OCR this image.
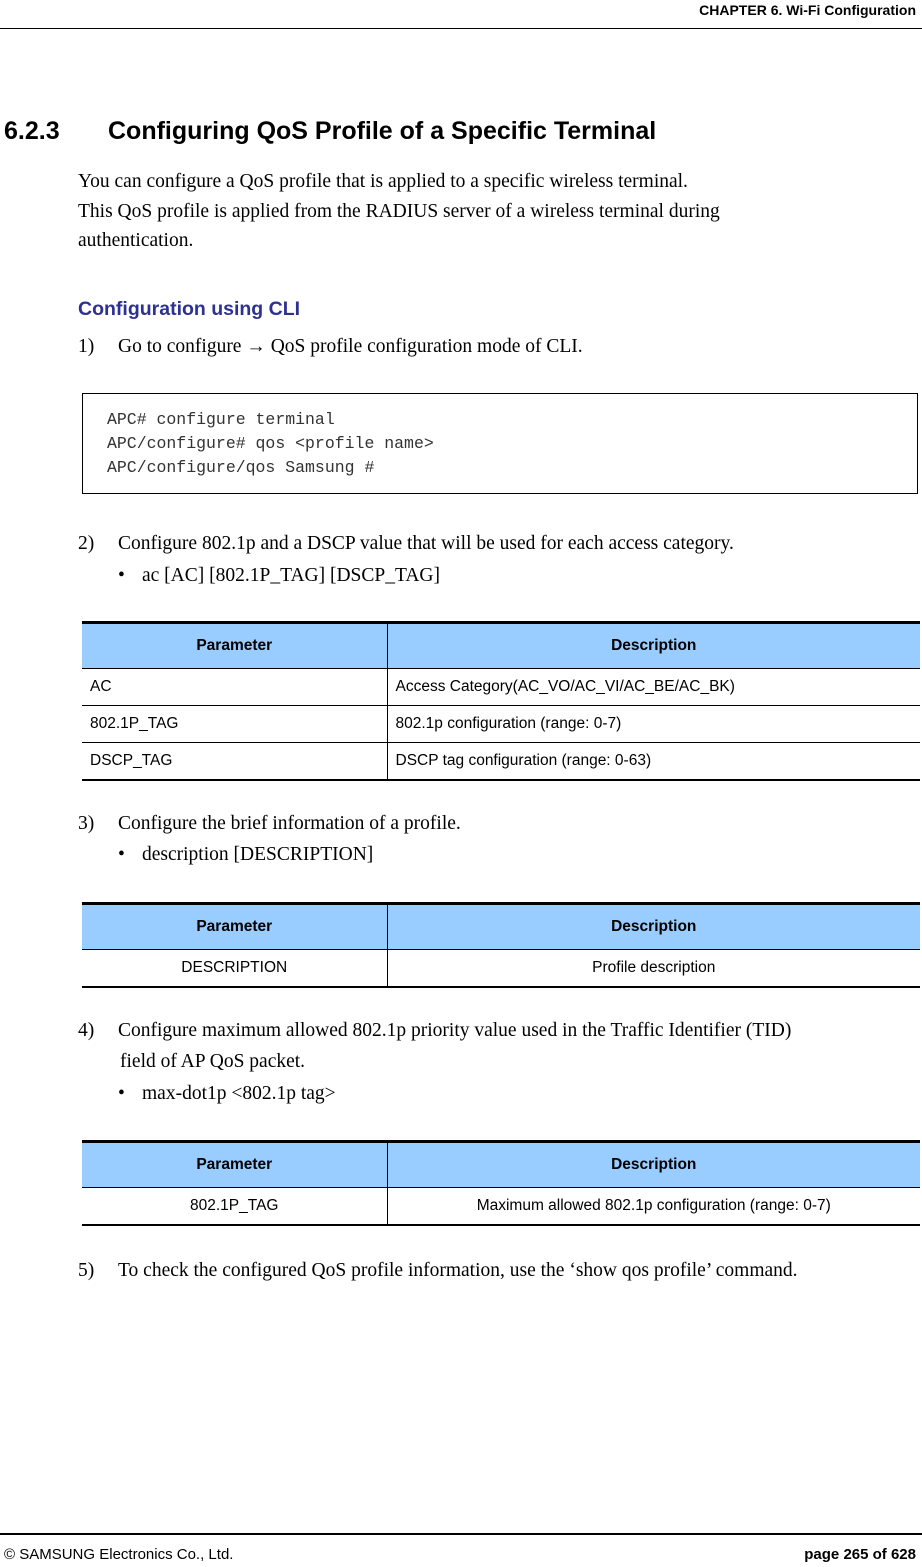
CHAPTER 6. Wi-Fi Configuration
6.2.3 Configuring QoS Profile of a Specific Terminal
You can configure a QoS profile that is applied to a specific wireless terminal.
This QoS profile is applied from the RADIUS server of a wireless terminal during
authentication.
Configuration using CLI
1) Go to configure → QoS profile configuration mode of CLI.
APC# configure terminal
APC/configure# qos <profile name>
APC/configure/qos Samsung #
2) Configure 802.1p and a DSCP value that will be used for each access category.
• ac [AC] [802.1P_TAG] [DSCP_TAG]
Parameter	Description
AC	Access Category(AC_VO/AC_VI/AC_BE/AC_BK)
802.1P_TAG	802.1p configuration (range: 0-7)
DSCP_TAG	DSCP tag configuration (range: 0-63)
3) Configure the brief information of a profile.
• description [DESCRIPTION]
Parameter	Description
DESCRIPTION	Profile description
4) Configure maximum allowed 802.1p priority value used in the Traffic Identifier (TID)
field of AP QoS packet.
• max-dot1p <802.1p tag>
Parameter	Description
802.1P_TAG	Maximum allowed 802.1p configuration (range: 0-7)
5) To check the configured QoS profile information, use the ‘show qos profile’ command.
© SAMSUNG Electronics Co., Ltd.	page 265 of 628
